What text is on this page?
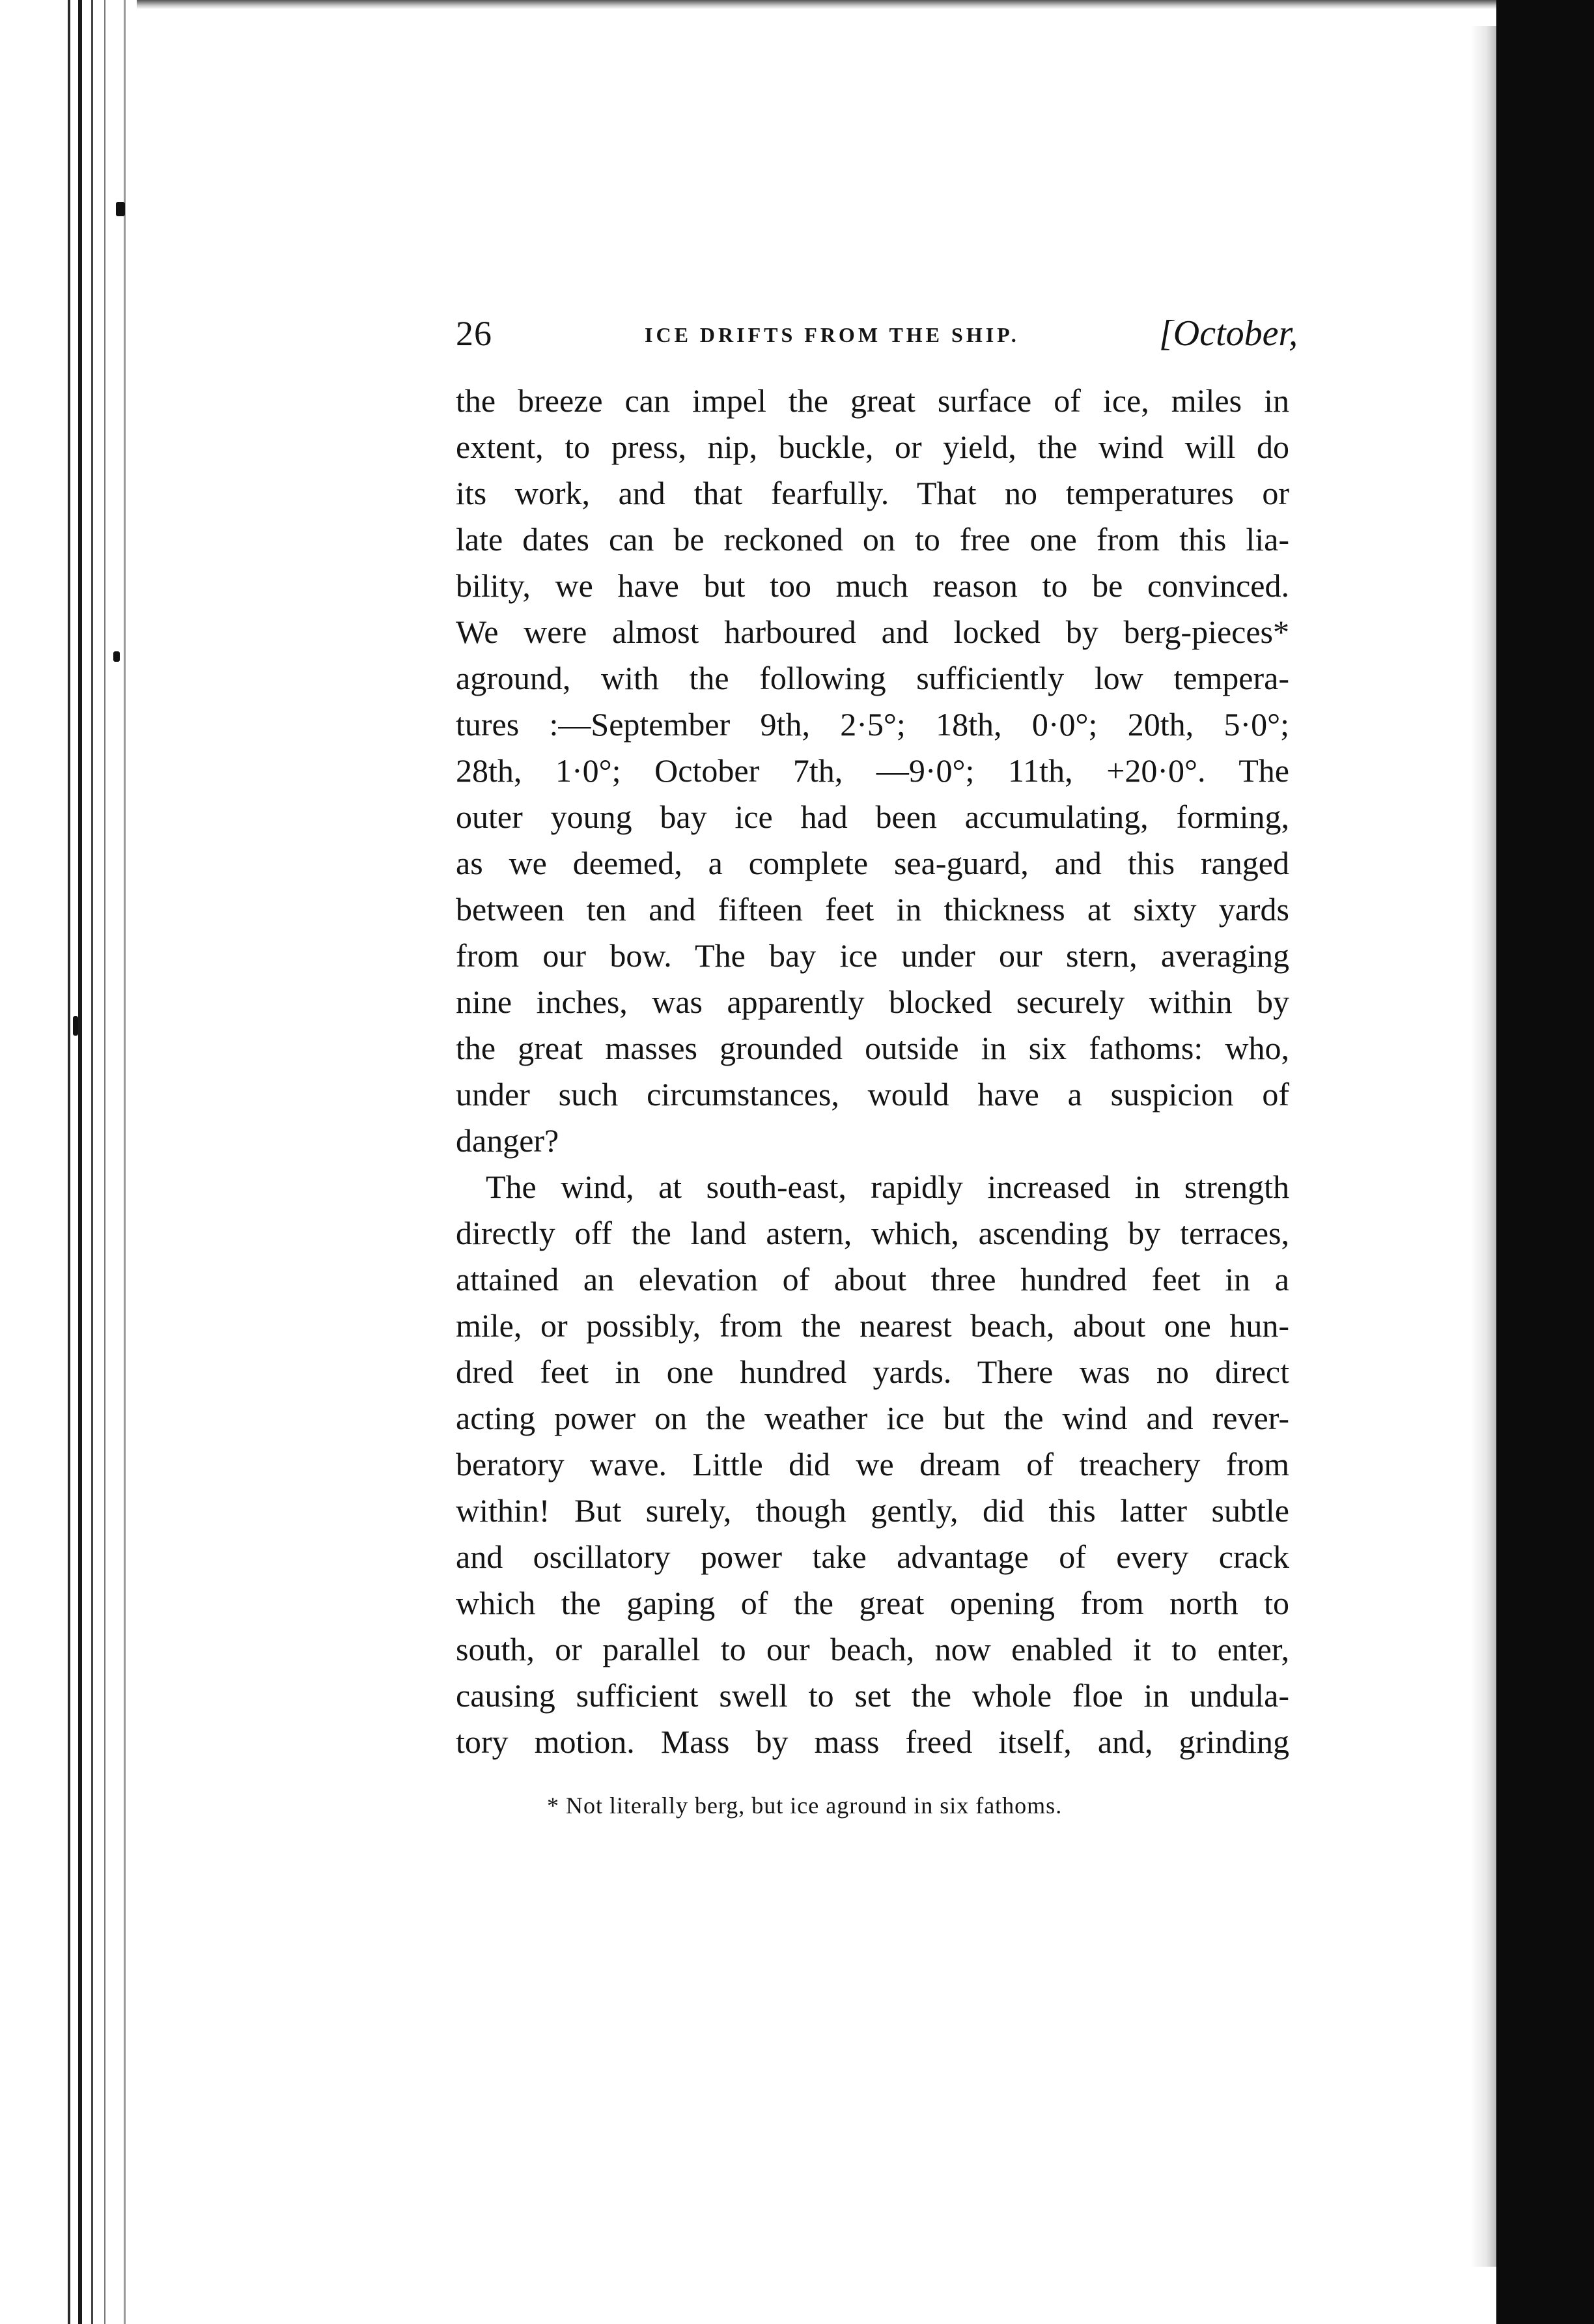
26	ICE DRIFTS FROM THE SHIP.	[October,
the breeze can impel the great surface of ice, miles in
extent, to press, nip, buckle, or yield, the wind will do
its work, and that fearfully. That no temperatures or
late dates can be reckoned on to free one from this lia-
bility, we have but too much reason to be convinced.
We were almost harboured and locked by berg-pieces*
aground, with the following sufficiently low tempera-
tures :—September 9th, 2·5°; 18th, 0·0°; 20th, 5·0°;
28th, 1·0°; October 7th, —9·0°; 11th, +20·0°. The
outer young bay ice had been accumulating, forming,
as we deemed, a complete sea-guard, and this ranged
between ten and fifteen feet in thickness at sixty yards
from our bow. The bay ice under our stern, averaging
nine inches, was apparently blocked securely within by
the great masses grounded outside in six fathoms: who,
under such circumstances, would have a suspicion of
danger?
The wind, at south-east, rapidly increased in strength
directly off the land astern, which, ascending by terraces,
attained an elevation of about three hundred feet in a
mile, or possibly, from the nearest beach, about one hun-
dred feet in one hundred yards. There was no direct
acting power on the weather ice but the wind and rever-
beratory wave. Little did we dream of treachery from
within! But surely, though gently, did this latter subtle
and oscillatory power take advantage of every crack
which the gaping of the great opening from north to
south, or parallel to our beach, now enabled it to enter,
causing sufficient swell to set the whole floe in undula-
tory motion. Mass by mass freed itself, and, grinding
* Not literally berg, but ice aground in six fathoms.
